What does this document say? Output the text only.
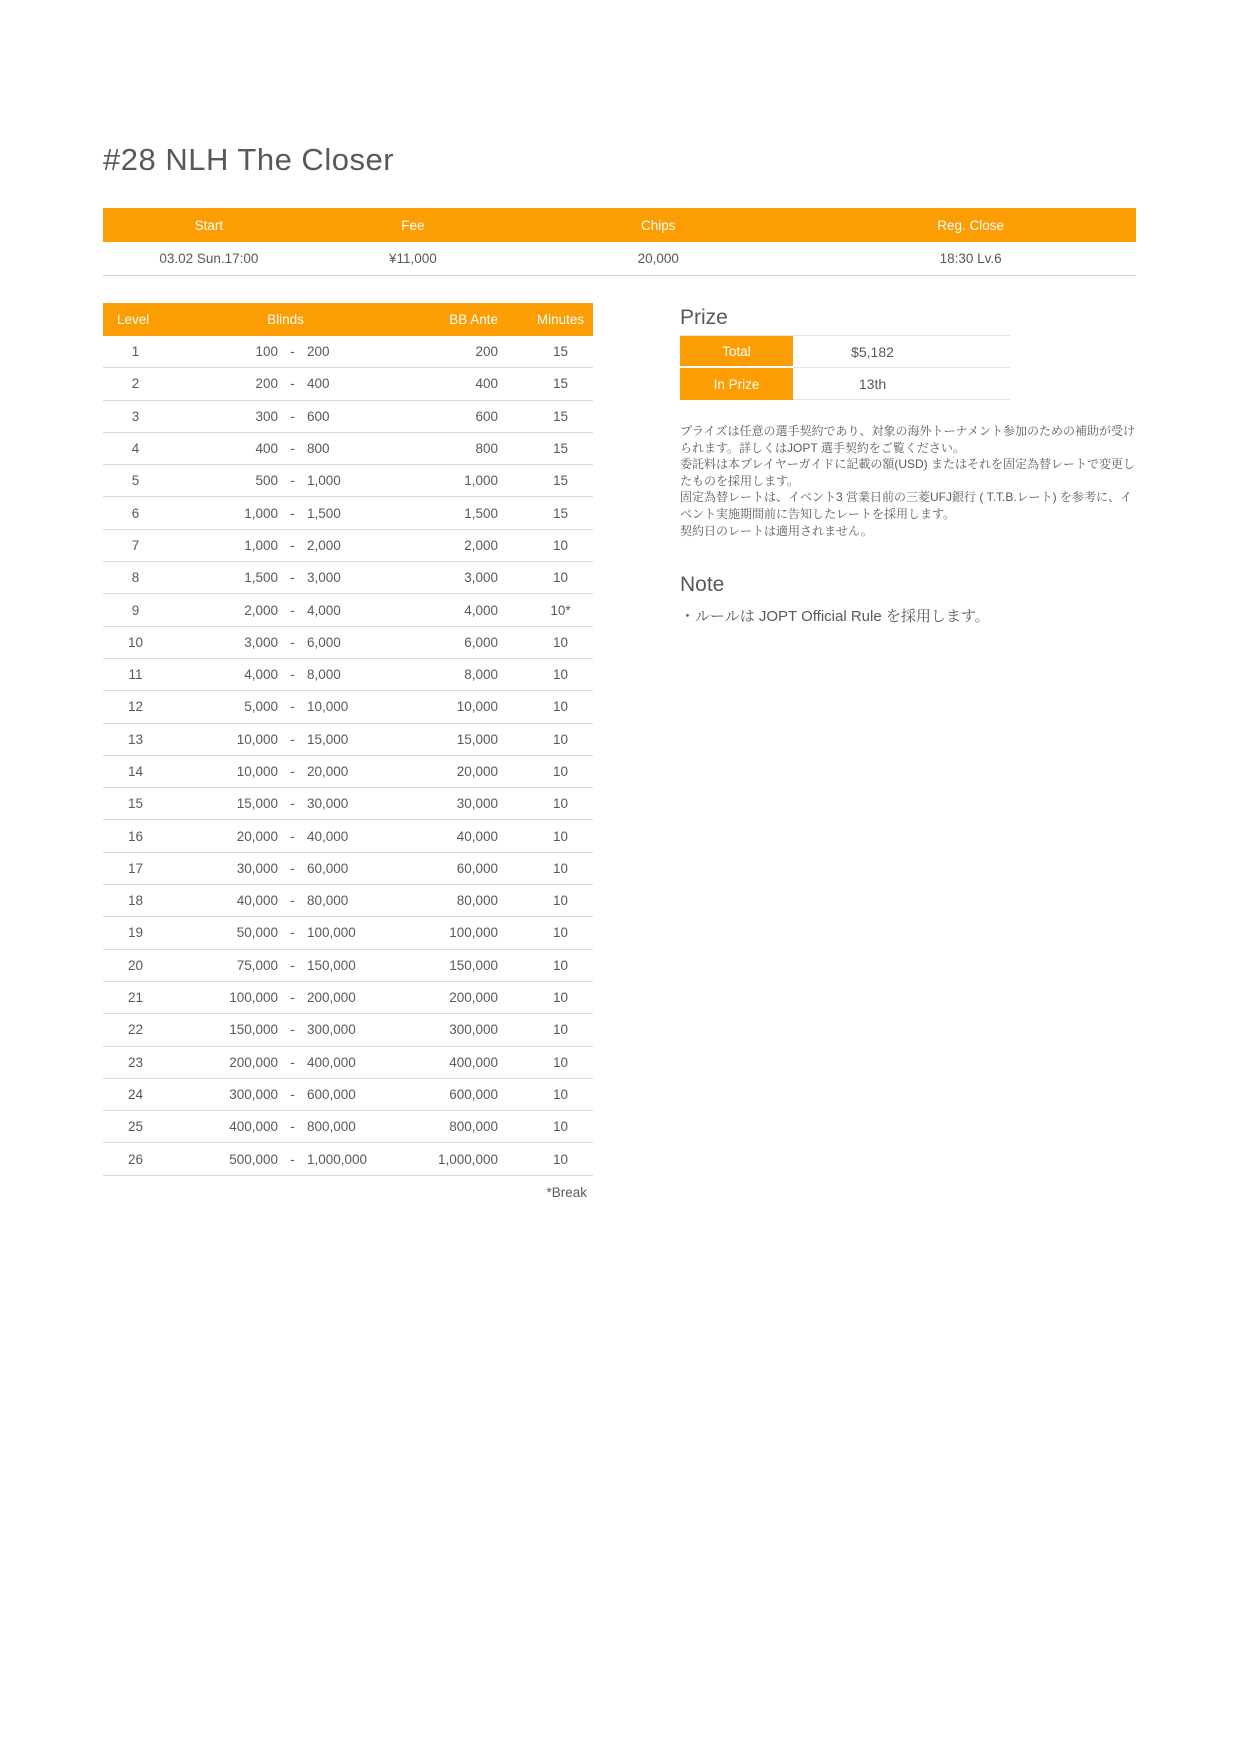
#28 NLH The Closer
Start	Fee	Chips	Reg. Close
03.02 Sun.17:00	¥11,000	20,000	18:30 Lv.6
Level	Blinds	BB Ante	Minutes
1	100 - 200	200	15
2	200 - 400	400	15
3	300 - 600	600	15
4	400 - 800	800	15
5	500 - 1,000	1,000	15
6	1,000 - 1,500	1,500	15
7	1,000 - 2,000	2,000	10
8	1,500 - 3,000	3,000	10
9	2,000 - 4,000	4,000	10*
10	3,000 - 6,000	6,000	10
11	4,000 - 8,000	8,000	10
12	5,000 - 10,000	10,000	10
13	10,000 - 15,000	15,000	10
14	10,000 - 20,000	20,000	10
15	15,000 - 30,000	30,000	10
16	20,000 - 40,000	40,000	10
17	30,000 - 60,000	60,000	10
18	40,000 - 80,000	80,000	10
19	50,000 - 100,000	100,000	10
20	75,000 - 150,000	150,000	10
21	100,000 - 200,000	200,000	10
22	150,000 - 300,000	300,000	10
23	200,000 - 400,000	400,000	10
24	300,000 - 600,000	600,000	10
25	400,000 - 800,000	800,000	10
26	500,000 - 1,000,000	1,000,000	10
*Break
Prize
Total	$5,182
In Prize	13th

プライズは任意の選手契約であり、対象の海外トーナメント参加のための補助が受けられます。詳しくはJOPT 選手契約をご覧ください。

委託料は本プレイヤーガイドに記載の額(USD) またはそれを固定為替レートで変更したものを採用します。

固定為替レートは、イベント3 営業日前の三菱UFJ銀行 ( T.T.B.レート) を参考に、イベント実施期間前に告知したレートを採用します。

契約日のレートは適用されません。

Note
・ルールは JOPT Official Rule を採用します。
